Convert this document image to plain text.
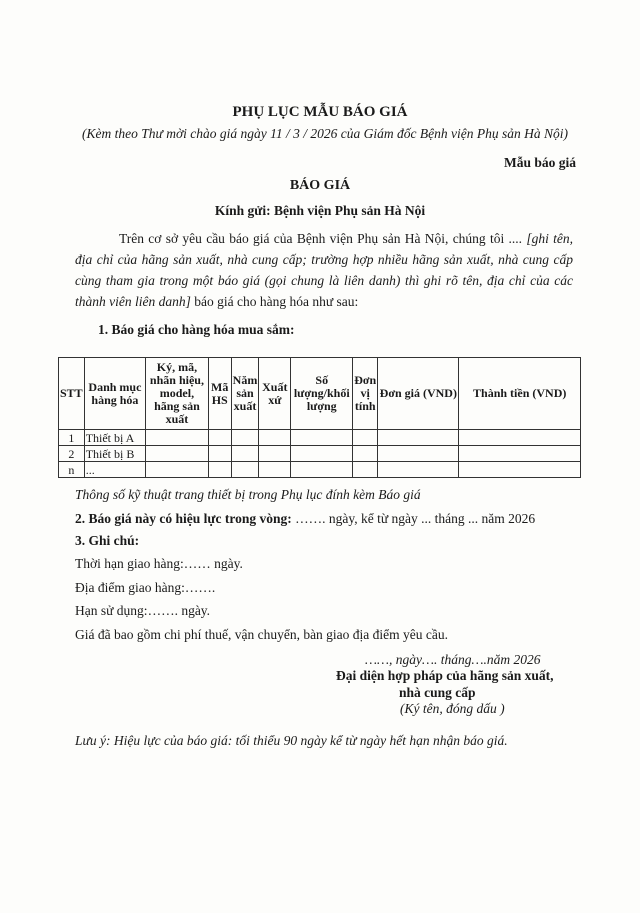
PHỤ LỤC MẪU BÁO GIÁ
(Kèm theo Thư mời chào giá ngày 11 / 3 / 2026 của Giám đốc Bệnh viện Phụ sản Hà Nội)
Mẫu báo giá
BÁO GIÁ
Kính gửi: Bệnh viện Phụ sản Hà Nội
Trên cơ sở yêu cầu báo giá của Bệnh viện Phụ sản Hà Nội, chúng tôi .... [ghi tên, địa chỉ của hãng sản xuất, nhà cung cấp; trường hợp nhiều hãng sản xuất, nhà cung cấp cùng tham gia trong một báo giá (gọi chung là liên danh) thì ghi rõ tên, địa chỉ của các thành viên liên danh] báo giá cho hàng hóa như sau:
1. Báo giá cho hàng hóa mua sắm:
STT	Danh mục hàng hóa	Ký, mã, nhãn hiệu, model, hãng sản xuất	Mã HS	Năm sản xuất	Xuất xứ	Số lượng/khối lượng	Đơn vị tính	Đơn giá (VND)	Thành tiền (VND)
1	Thiết bị A								
2	Thiết bị B								
n	...								
Thông số kỹ thuật trang thiết bị trong Phụ lục đính kèm Báo giá
2. Báo giá này có hiệu lực trong vòng: ……. ngày, kể từ ngày ... tháng ... năm 2026
3. Ghi chú:
Thời hạn giao hàng:…… ngày.
Địa điểm giao hàng:…….
Hạn sử dụng:……. ngày.
Giá đã bao gồm chi phí thuế, vận chuyển, bàn giao địa điểm yêu cầu.
……, ngày…. tháng….năm 2026
Đại diện hợp pháp của hãng sản xuất,
nhà cung cấp
(Ký tên, đóng dấu )
Lưu ý: Hiệu lực của báo giá: tối thiểu 90 ngày kể từ ngày hết hạn nhận báo giá.
